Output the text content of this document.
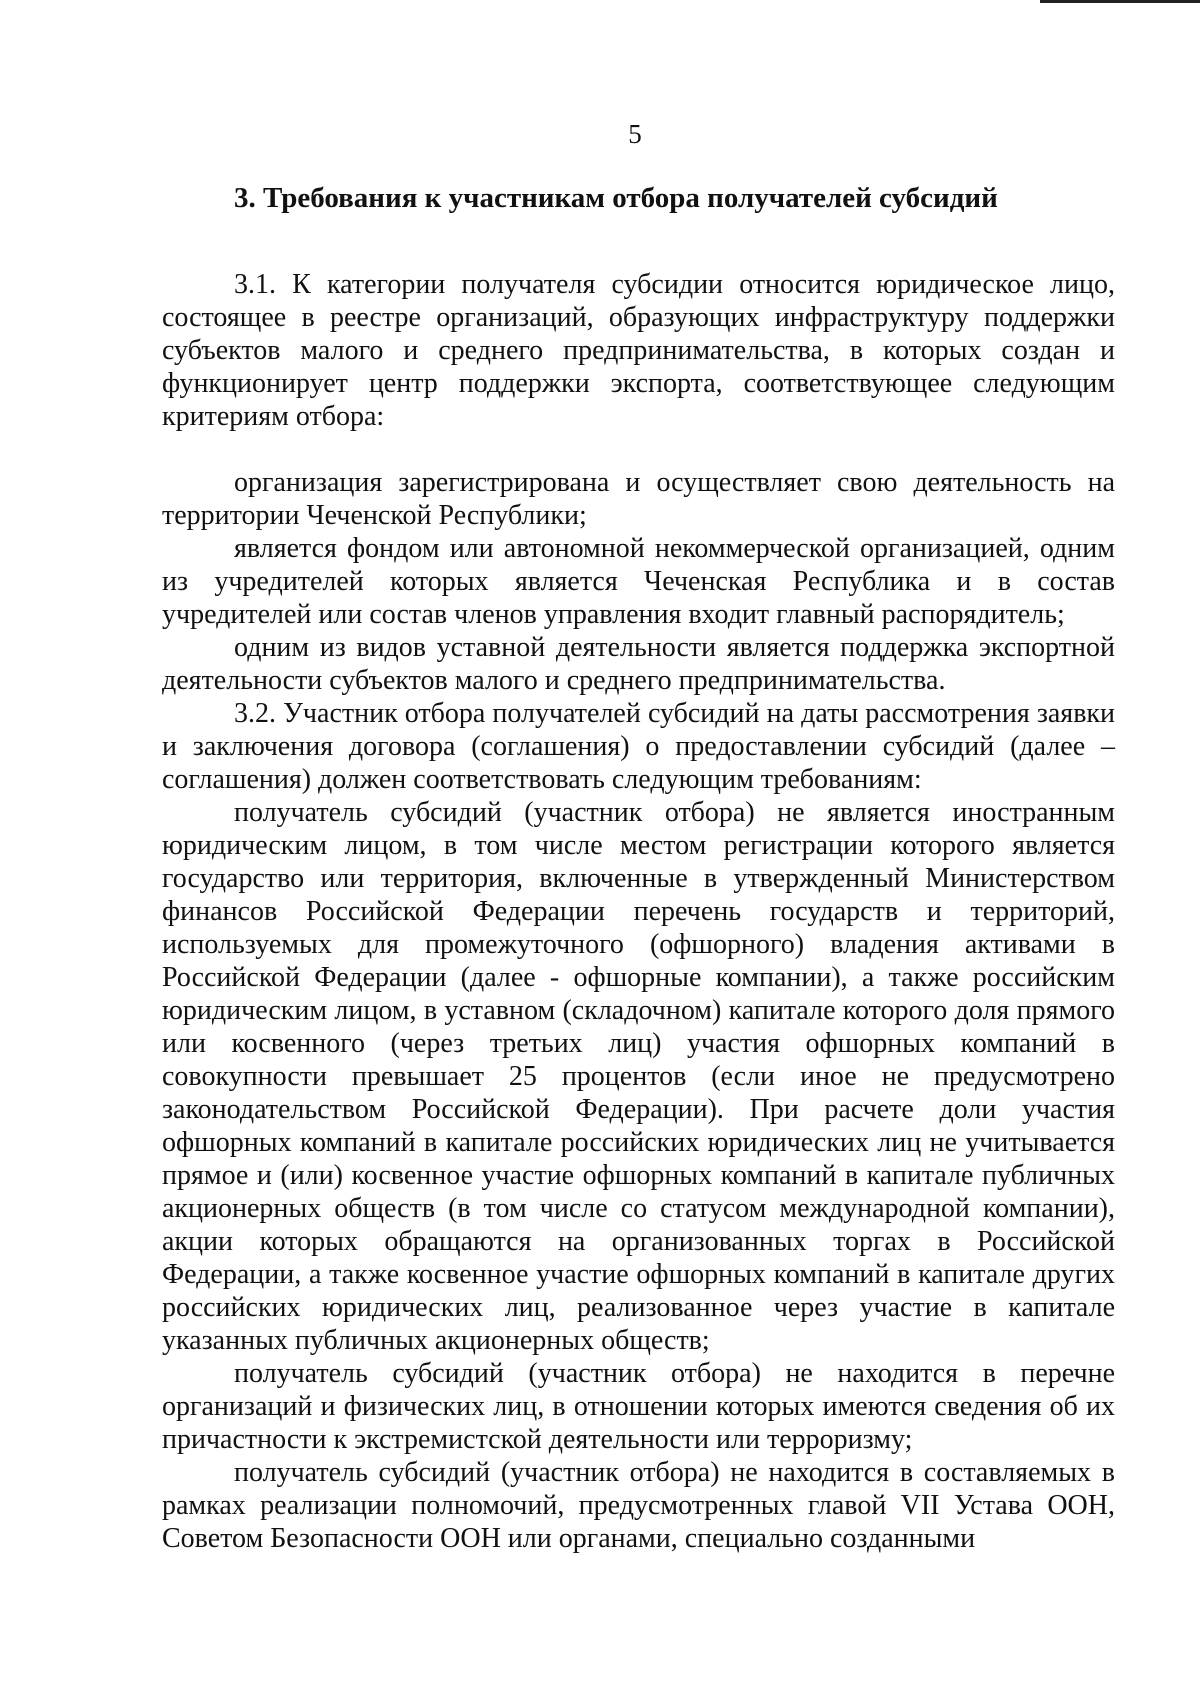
5
3. Требования к участникам отбора получателей субсидий

3.1. К категории получателя субсидии относится юридическое лицо, состоящее в реестре организаций, образующих инфраструктуру поддержки субъектов малого и среднего предпринимательства, в которых создан и функционирует центр поддержки экспорта, соответствующее следующим критериям отбора:

организация зарегистрирована и осуществляет свою деятельность на территории Чеченской Республики;

является фондом или автономной некоммерческой организацией, одним из учредителей которых является Чеченская Республика и в состав учредителей или состав членов управления входит главный распорядитель;

одним из видов уставной деятельности является поддержка экспортной деятельности субъектов малого и среднего предпринимательства.

3.2. Участник отбора получателей субсидий на даты рассмотрения заявки и заключения договора (соглашения) о предоставлении субсидий (далее – соглашения) должен соответствовать следующим требованиям:

получатель субсидий (участник отбора) не является иностранным юридическим лицом, в том числе местом регистрации которого является государство или территория, включенные в утвержденный Министерством финансов Российской Федерации перечень государств и территорий, используемых для промежуточного (офшорного) владения активами в Российской Федерации (далее - офшорные компании), а также российским юридическим лицом, в уставном (складочном) капитале которого доля прямого или косвенного (через третьих лиц) участия офшорных компаний в совокупности превышает 25 процентов (если иное не предусмотрено законодательством Российской Федерации). При расчете доли участия офшорных компаний в капитале российских юридических лиц не учитывается прямое и (или) косвенное участие офшорных компаний в капитале публичных акционерных обществ (в том числе со статусом международной компании), акции которых обращаются на организованных торгах в Российской Федерации, а также косвенное участие офшорных компаний в капитале других российских юридических лиц, реализованное через участие в капитале указанных публичных акционерных обществ;

получатель субсидий (участник отбора) не находится в перечне организаций и физических лиц, в отношении которых имеются сведения об их причастности к экстремистской деятельности или терроризму;

получатель субсидий (участник отбора) не находится в составляемых в рамках реализации полномочий, предусмотренных главой VII Устава ООН, Советом Безопасности ООН или органами, специально созданными
